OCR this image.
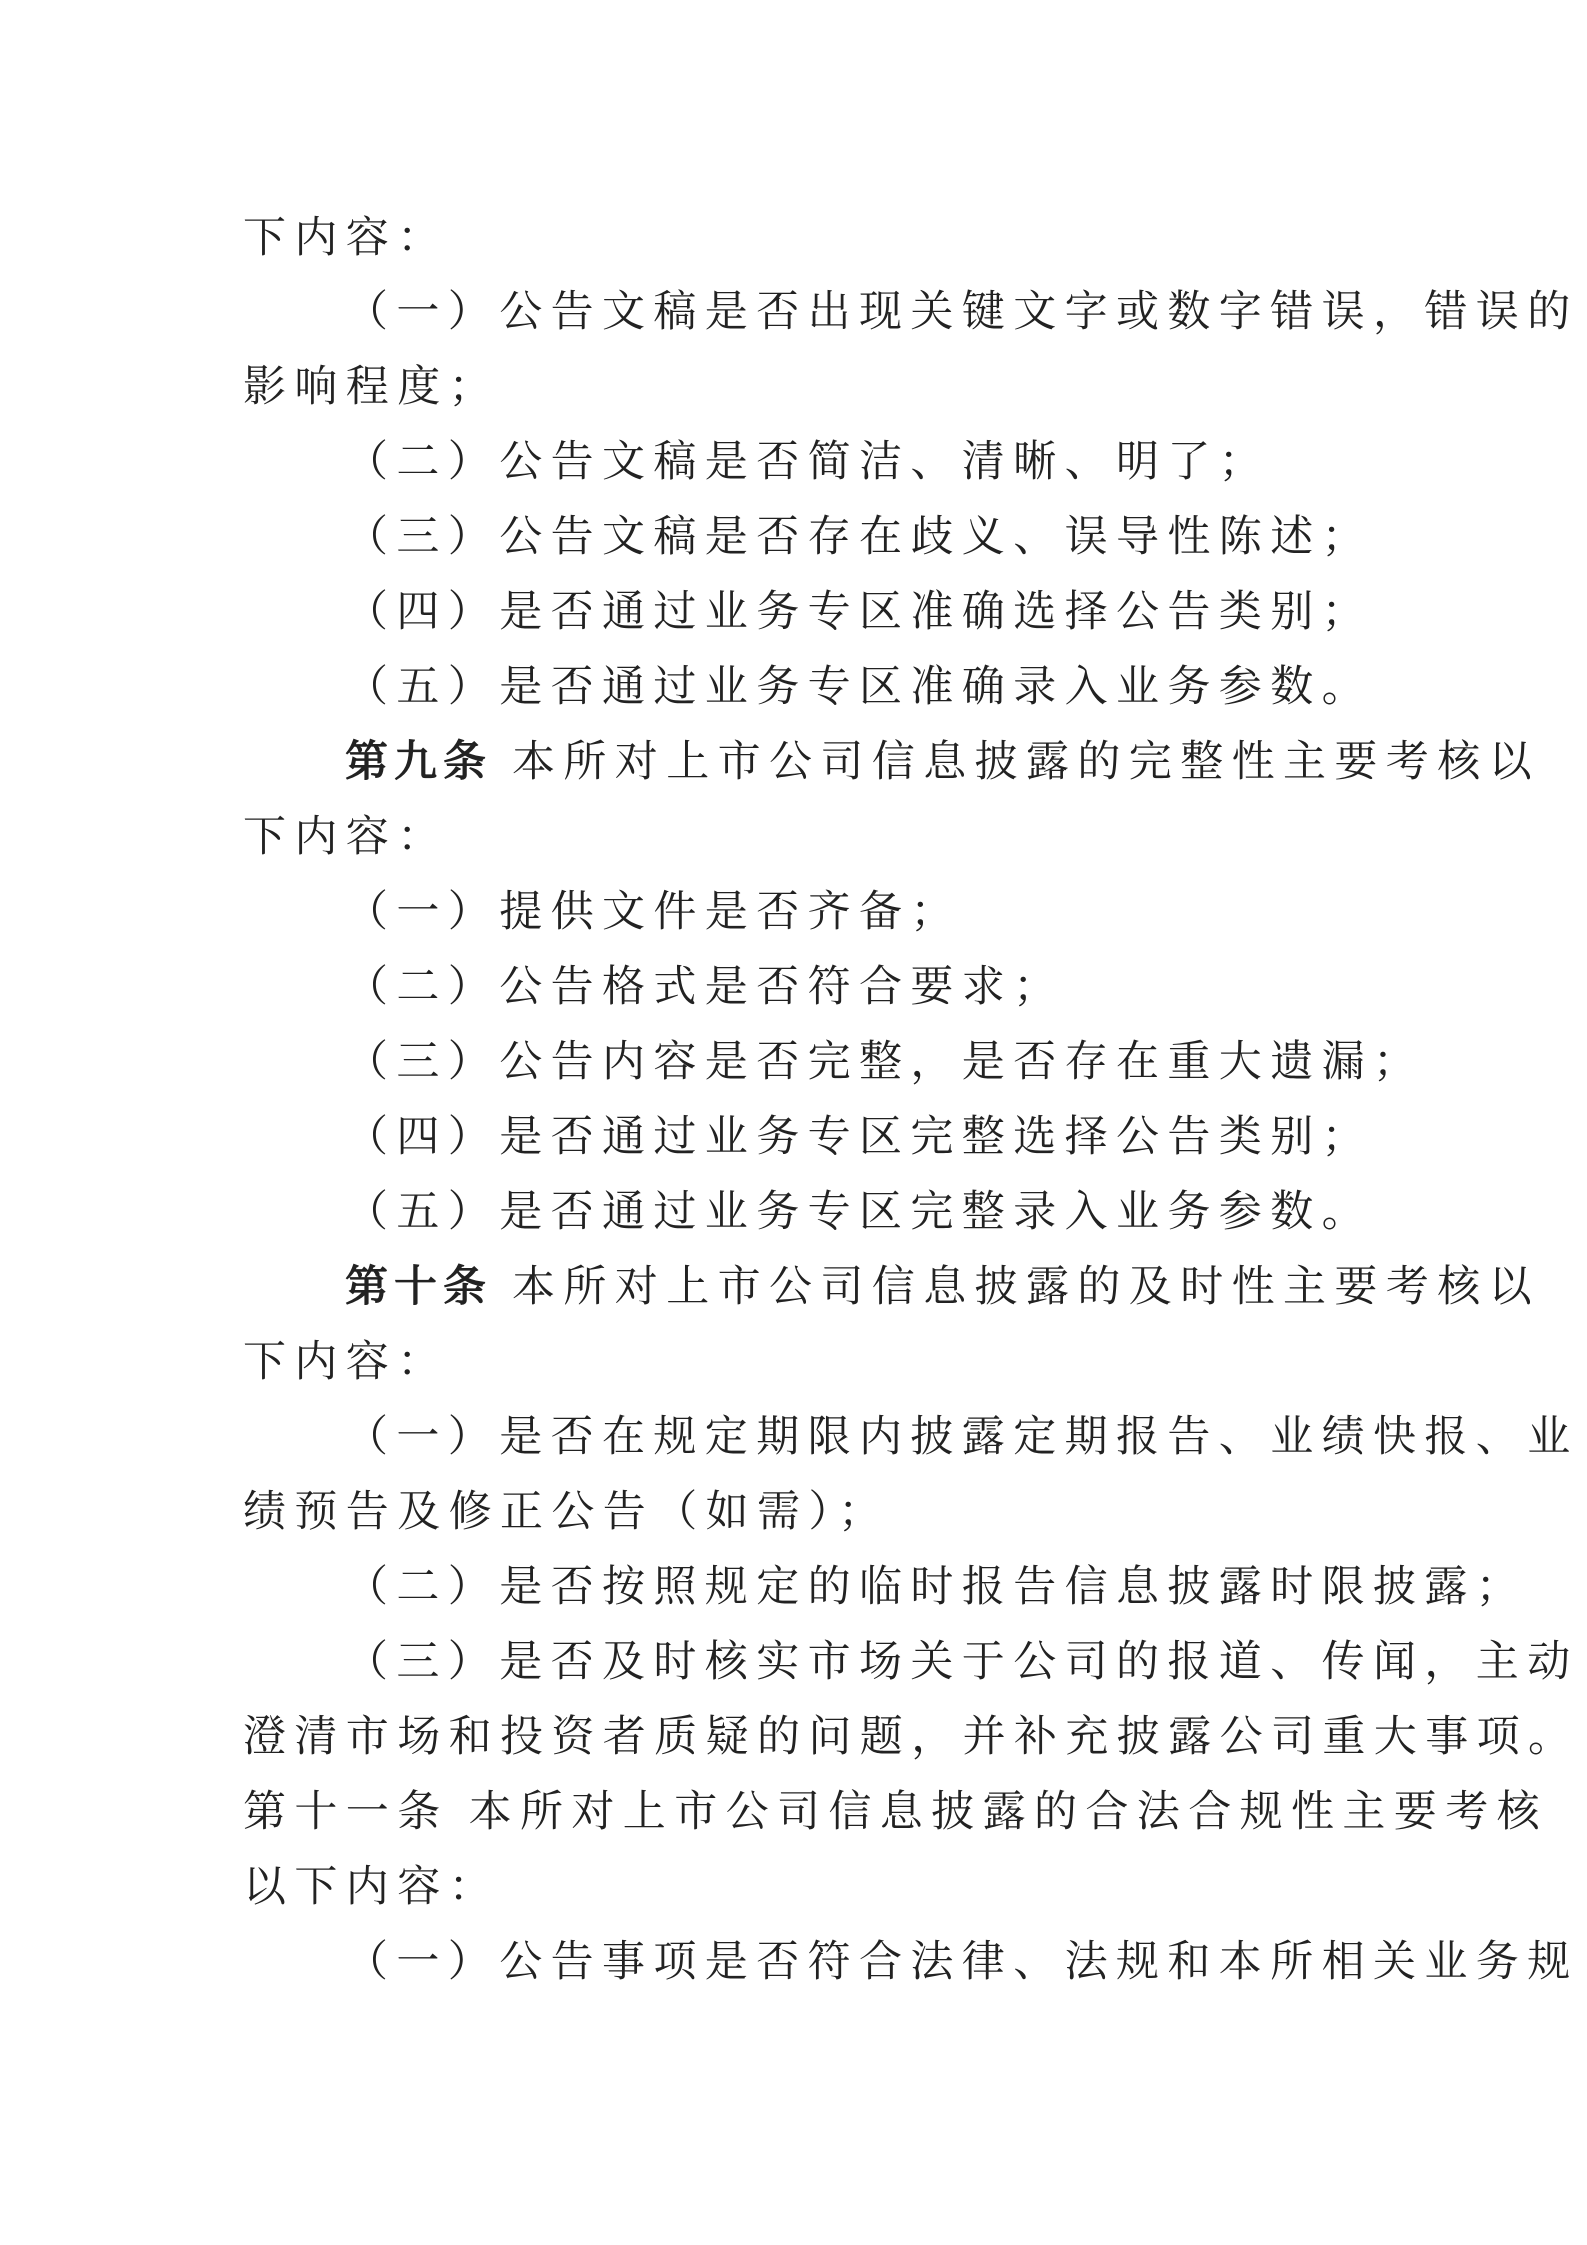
下内容：
（一）公告文稿是否出现关键文字或数字错误，错误的
影响程度；
（二）公告文稿是否简洁、清晰、明了；
（三）公告文稿是否存在歧义、误导性陈述；
（四）是否通过业务专区准确选择公告类别；
（五）是否通过业务专区准确录入业务参数。
第九条 本所对上市公司信息披露的完整性主要考核以
下内容：
（一）提供文件是否齐备；
（二）公告格式是否符合要求；
（三）公告内容是否完整，是否存在重大遗漏；
（四）是否通过业务专区完整选择公告类别；
（五）是否通过业务专区完整录入业务参数。
第十条 本所对上市公司信息披露的及时性主要考核以
下内容：
（一）是否在规定期限内披露定期报告、业绩快报、业
绩预告及修正公告（如需）；
（二）是否按照规定的临时报告信息披露时限披露；
（三）是否及时核实市场关于公司的报道、传闻，主动
澄清市场和投资者质疑的问题，并补充披露公司重大事项。
第十一条 本所对上市公司信息披露的合法合规性主要考核
以下内容：
（一）公告事项是否符合法律、法规和本所相关业务规
